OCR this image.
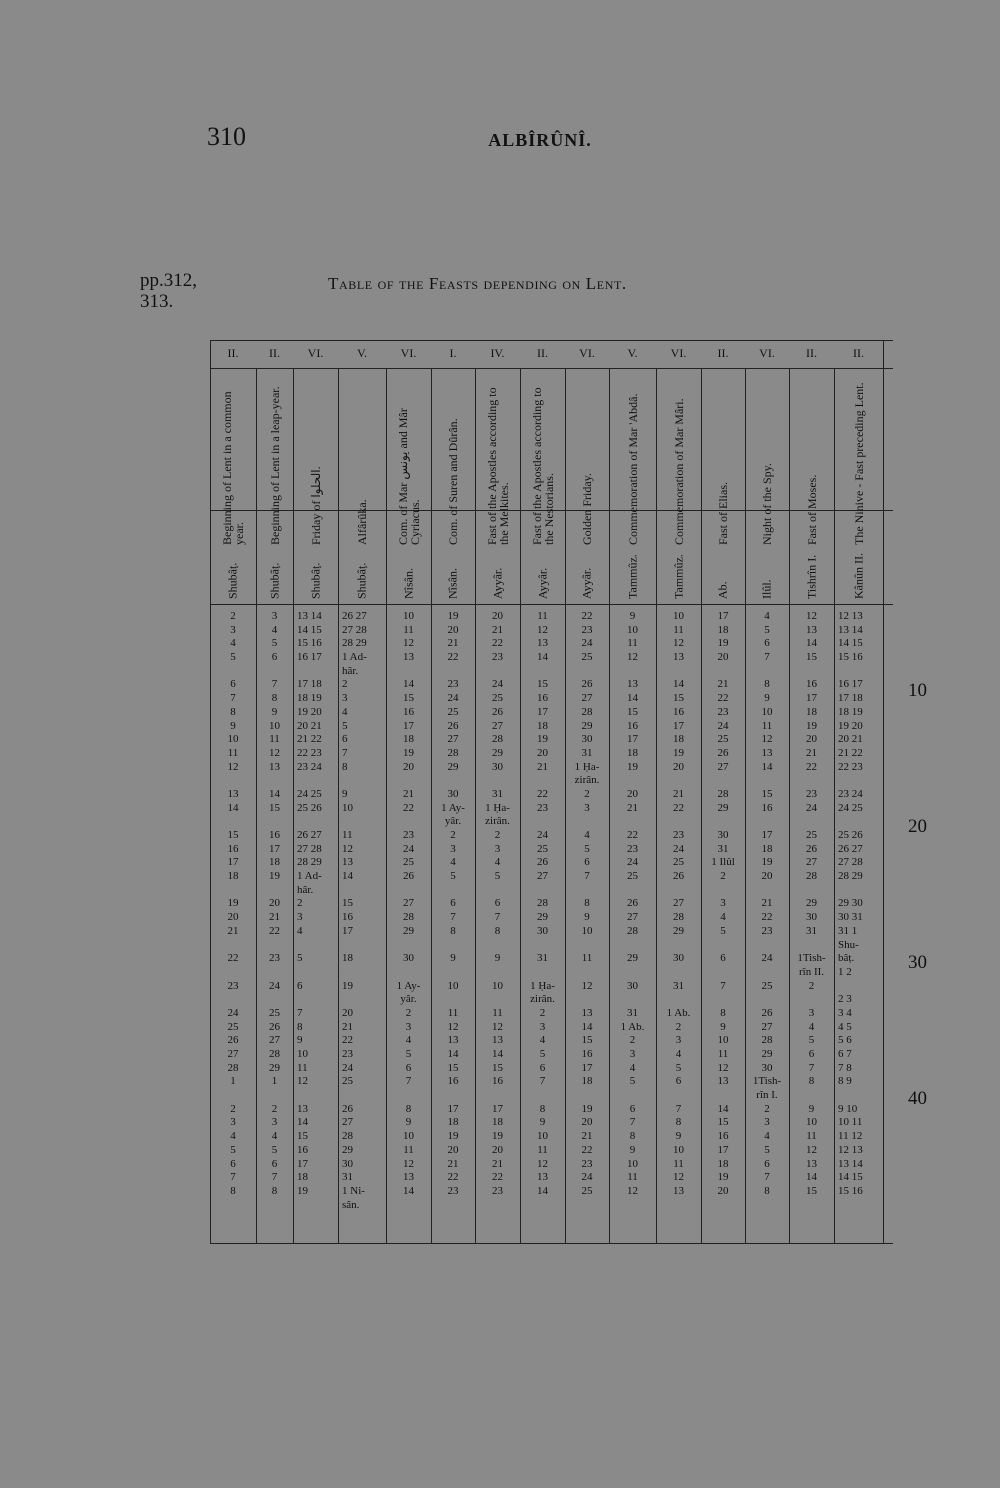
310	ALBÎRÛNÎ.
pp.312,
313.
Table of the Feasts depending on Lent.
10
20
30
40
II.
Beginning of Lent in a common year.
Shubâṭ.
2
3
4
5
6
7
8
9
10
11
12
13
14
15
16
17
18
19
20
21
22
23
24
25
26
27
28
1
2
3
4
5
6
7
8
II.
Beginning of Lent in a leap-year.
Shubâṭ.
3
4
5
6
7
8
9
10
11
12
13
14
15
16
17
18
19
20
21
22
23
24
25
26
27
28
29
1
2
3
4
5
6
7
8
VI.
Friday of الحلوا.
Shubâṭ.
13 14
14 15
15 16
16 17
17 18
18 19
19 20
20 21
21 22
22 23
23 24
24 25
25 26
26 27
27 28
28 29
1 Ad-
hâr.
2
3
4
5
6
7
8
9
10
11
12
13
14
15
16
17
18
19
V.
Alfârûka.
Shubâṭ.
26 27
27 28
28 29
1 Ad-
hâr.
2
3
4
5
6
7
8
9
10
11
12
13
14
15
16
17
18
19
20
21
22
23
24
25
26
27
28
29
30
31
1 Ni-
sân.
VI.
Com. of Mar يونس and Mâr Cyriacus.
Nîsân.
10
11
12
13
14
15
16
17
18
19
20
21
22
23
24
25
26
27
28
29
30
1 Ay-
yâr.
2
3
4
5
6
7
8
9
10
11
12
13
14
I.
Com. of Suren and Dûrân.
Nîsân.
19
20
21
22
23
24
25
26
27
28
29
30
1 Ay-
yâr.
2
3
4
5
6
7
8
9
10
11
12
13
14
15
16
17
18
19
20
21
22
23
IV.
Fast of the Apostles according to the Melkites.
Ayyâr.
20
21
22
23
24
25
26
27
28
29
30
31
1 Ḥa-
zirân.
2
3
4
5
6
7
8
9
10
11
12
13
14
15
16
17
18
19
20
21
22
23
II.
Fast of the Apostles according to the Nestorians.
Ayyâr.
11
12
13
14
15
16
17
18
19
20
21
22
23
24
25
26
27
28
29
30
31
1 Ḥa-
zirân.
2
3
4
5
6
7
8
9
10
11
12
13
14
VI.
Golden Friday.
Ayyâr.
22
23
24
25
26
27
28
29
30
31
1 Ḥa-
zirân.
2
3
4
5
6
7
8
9
10
11
12
13
14
15
16
17
18
19
20
21
22
23
24
25
V.
Commemoration of Mar 'Abdâ.
Tammûz.
9
10
11
12
13
14
15
16
17
18
19
20
21
22
23
24
25
26
27
28
29
30
31
1 Ab.
2
3
4
5
6
7
8
9
10
11
12
VI.
Commemoration of Mar Mâri.
Tammûz.
10
11
12
13
14
15
16
17
18
19
20
21
22
23
24
25
26
27
28
29
30
31
1 Ab.
2
3
4
5
6
7
8
9
10
11
12
13
II.
Fast of Elias.
Ab.
17
18
19
20
21
22
23
24
25
26
27
28
29
30
31
1 Ilûl
2
3
4
5
6
7
8
9
10
11
12
13
14
15
16
17
18
19
20
VI.
Night of the Spy.
Ilûl.
4
5
6
7
8
9
10
11
12
13
14
15
16
17
18
19
20
21
22
23
24
25
26
27
28
29
30
1Tish-
rîn I.
2
3
4
5
6
7
8
II.
Fast of Moses.
Tishrîn I.
12
13
14
15
16
17
18
19
20
21
22
23
24
25
26
27
28
29
30
31
1Tish-
rîn II.
2
3
4
5
6
7
8
9
10
11
12
13
14
15
II.
The Ninive - Fast preceding Lent.
Kânûn II.
12 13
13 14
14 15
15 16
16 17
17 18
18 19
19 20
20 21
21 22
22 23
23 24
24 25
25 26
26 27
27 28
28 29
29 30
30 31
31 1
Shu-
bâṭ.
1 2
2 3
3 4
4 5
5 6
6 7
7 8
8 9
9 10
10 11
11 12
12 13
13 14
14 15
15 16
